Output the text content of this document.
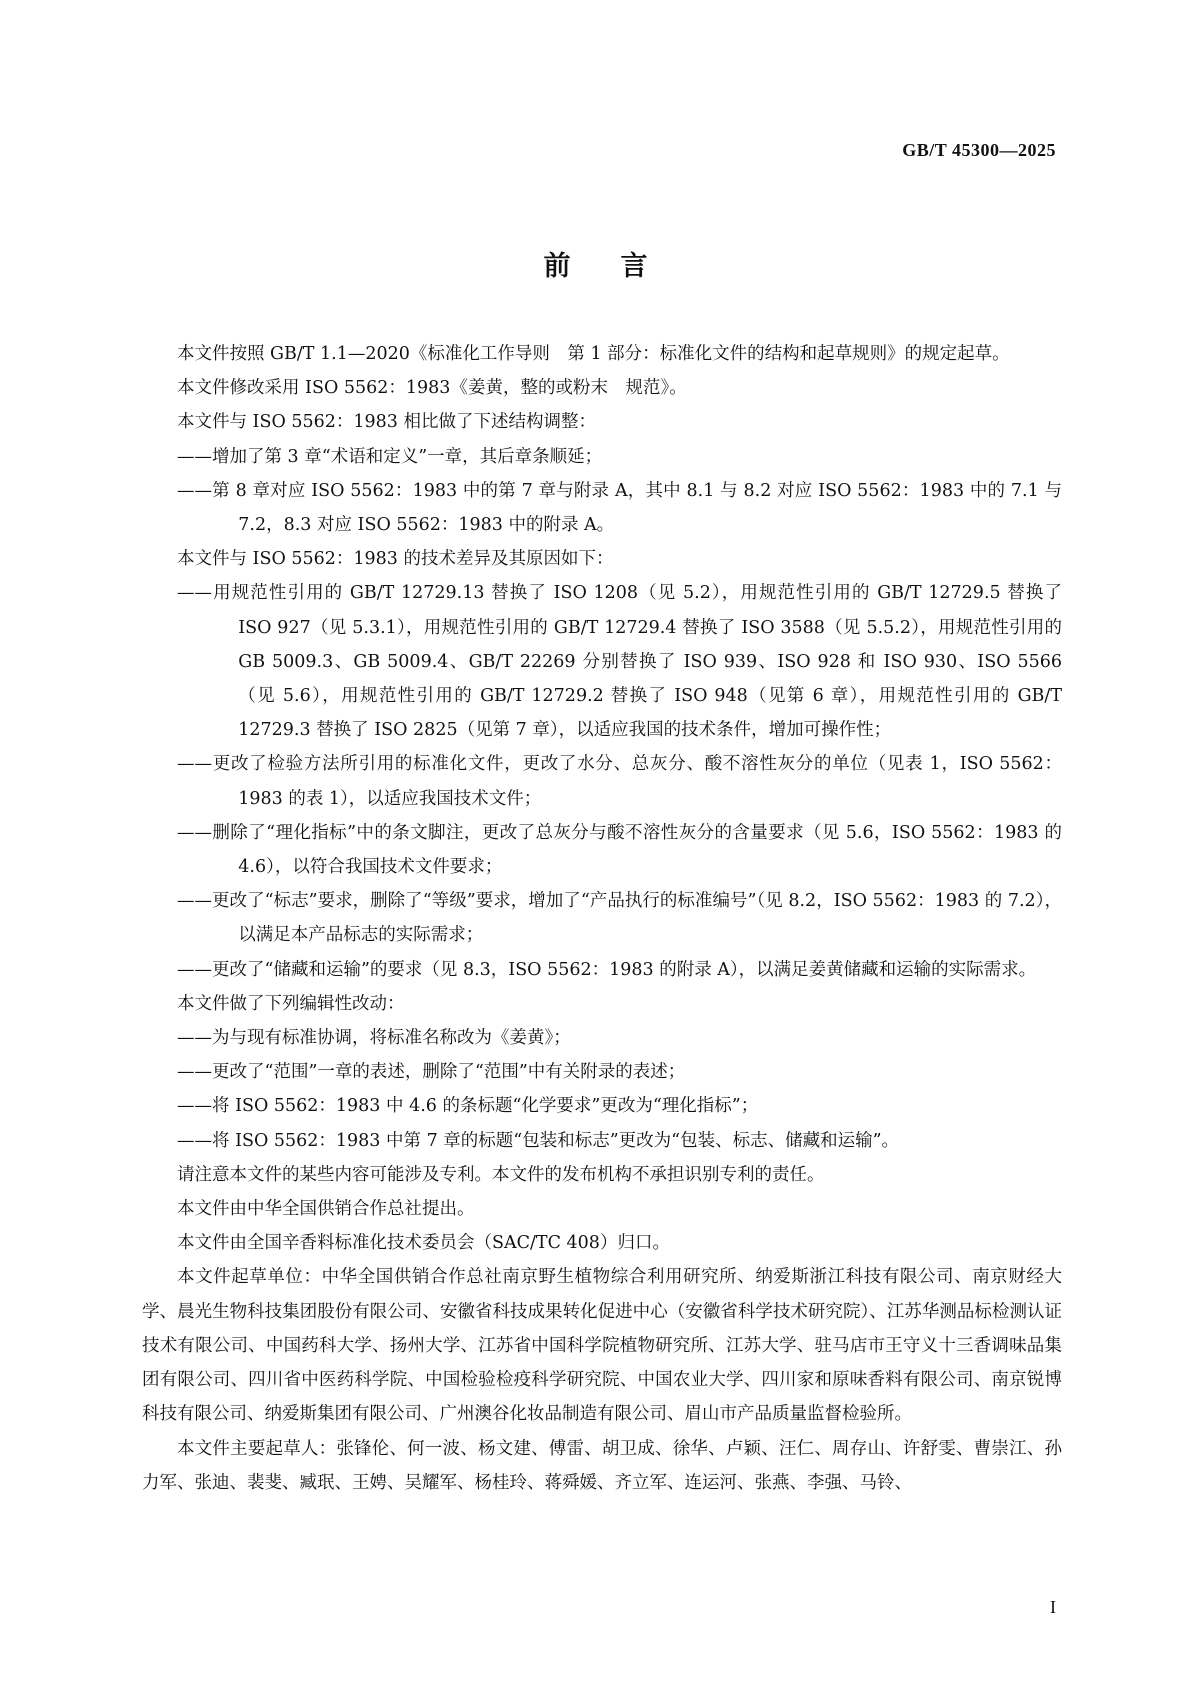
GB/T 45300—2025
前言

本文件按照 GB/T 1.1—2020《标准化工作导则　第 1 部分：标准化文件的结构和起草规则》的规定起草。

本文件修改采用 ISO 5562：1983《姜黄，整的或粉末　规范》。

本文件与 ISO 5562：1983 相比做了下述结构调整：

——增加了第 3 章“术语和定义”一章，其后章条顺延；

——第 8 章对应 ISO 5562：1983 中的第 7 章与附录 A，其中 8.1 与 8.2 对应 ISO 5562：1983 中的 7.1 与 7.2，8.3 对应 ISO 5562：1983 中的附录 A。

本文件与 ISO 5562：1983 的技术差异及其原因如下：

——用规范性引用的 GB/T 12729.13 替换了 ISO 1208（见 5.2），用规范性引用的 GB/T 12729.5 替换了 ISO 927（见 5.3.1），用规范性引用的 GB/T 12729.4 替换了 ISO 3588（见 5.5.2），用规范性引用的 GB 5009.3、GB 5009.4、GB/T 22269 分别替换了 ISO 939、ISO 928 和 ISO 930、ISO 5566（见 5.6），用规范性引用的 GB/T 12729.2 替换了 ISO 948（见第 6 章），用规范性引用的 GB/T 12729.3 替换了 ISO 2825（见第 7 章），以适应我国的技术条件，增加可操作性；

——更改了检验方法所引用的标准化文件，更改了水分、总灰分、酸不溶性灰分的单位（见表 1，ISO 5562：1983 的表 1），以适应我国技术文件；

——删除了“理化指标”中的条文脚注，更改了总灰分与酸不溶性灰分的含量要求（见 5.6，ISO 5562：1983 的 4.6），以符合我国技术文件要求；

——更改了“标志”要求，删除了“等级”要求，增加了“产品执行的标准编号”（见 8.2，ISO 5562：1983 的 7.2），以满足本产品标志的实际需求；

——更改了“储藏和运输”的要求（见 8.3，ISO 5562：1983 的附录 A），以满足姜黄储藏和运输的实际需求。

本文件做了下列编辑性改动：

——为与现有标准协调，将标准名称改为《姜黄》；

——更改了“范围”一章的表述，删除了“范围”中有关附录的表述；

——将 ISO 5562：1983 中 4.6 的条标题“化学要求”更改为“理化指标”；

——将 ISO 5562：1983 中第 7 章的标题“包装和标志”更改为“包装、标志、储藏和运输”。

请注意本文件的某些内容可能涉及专利。本文件的发布机构不承担识别专利的责任。

本文件由中华全国供销合作总社提出。

本文件由全国辛香料标准化技术委员会（SAC/TC 408）归口。

本文件起草单位：中华全国供销合作总社南京野生植物综合利用研究所、纳爱斯浙江科技有限公司、南京财经大学、晨光生物科技集团股份有限公司、安徽省科技成果转化促进中心（安徽省科学技术研究院）、江苏华测品标检测认证技术有限公司、中国药科大学、扬州大学、江苏省中国科学院植物研究所、江苏大学、驻马店市王守义十三香调味品集团有限公司、四川省中医药科学院、中国检验检疫科学研究院、中国农业大学、四川家和原味香料有限公司、南京锐博科技有限公司、纳爱斯集团有限公司、广州澳谷化妆品制造有限公司、眉山市产品质量监督检验所。

本文件主要起草人：张锋伦、何一波、杨文建、傅雷、胡卫成、徐华、卢颖、汪仁、周存山、许舒雯、曹崇江、孙力军、张迪、裴斐、臧珉、王娉、吴耀军、杨桂玲、蒋舜媛、齐立军、连运河、张燕、李强、马铃、

I
